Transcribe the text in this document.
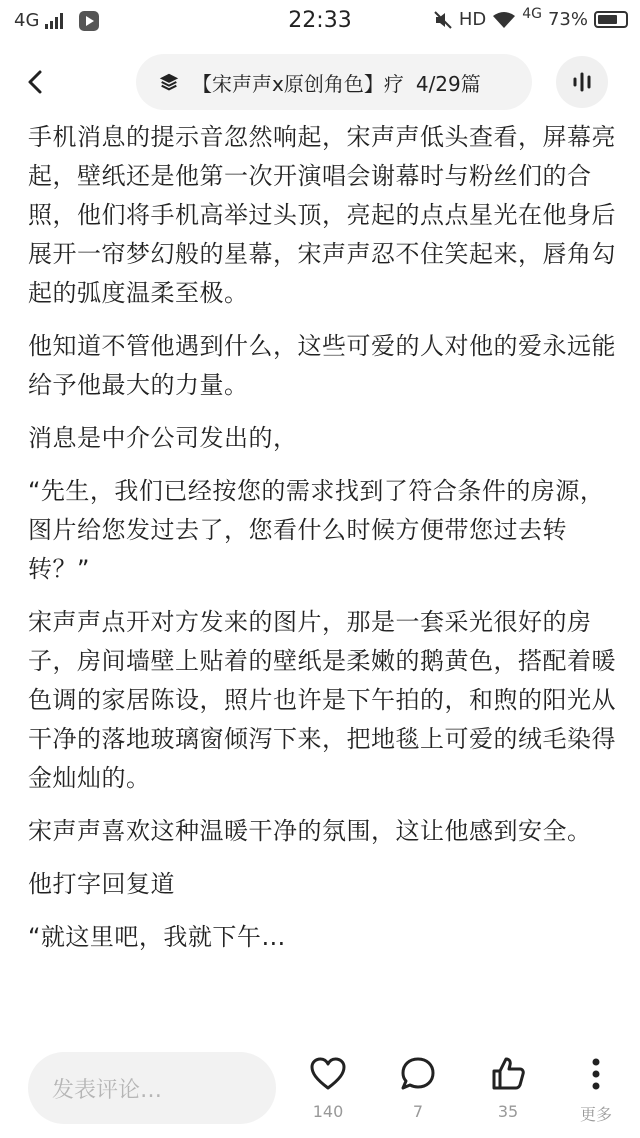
4G	22:33	HD	4G 73%
【宋声声x原创角色】疗 4/29篇

手机消息的提示音忽然响起，宋声声低头查看，屏幕亮起，壁纸还是他第一次开演唱会谢幕时与粉丝们的合照，他们将手机高举过头顶，亮起的点点星光在他身后展开一帘梦幻般的星幕，宋声声忍不住笑起来，唇角勾起的弧度温柔至极。

他知道不管他遇到什么，这些可爱的人对他的爱永远能给予他最大的力量。

消息是中介公司发出的，

“先生，我们已经按您的需求找到了符合条件的房源，图片给您发过去了，您看什么时候方便带您过去转转？”

宋声声点开对方发来的图片，那是一套采光很好的房子，房间墙壁上贴着的壁纸是柔嫩的鹅黄色，搭配着暖色调的家居陈设，照片也许是下午拍的，和煦的阳光从干净的落地玻璃窗倾泻下来，把地毯上可爱的绒毛染得金灿灿的。

宋声声喜欢这种温暖干净的氛围，这让他感到安全。

他打字回复道

“就这里吧，我就下午…

发表评论…
140	7	35	更多
